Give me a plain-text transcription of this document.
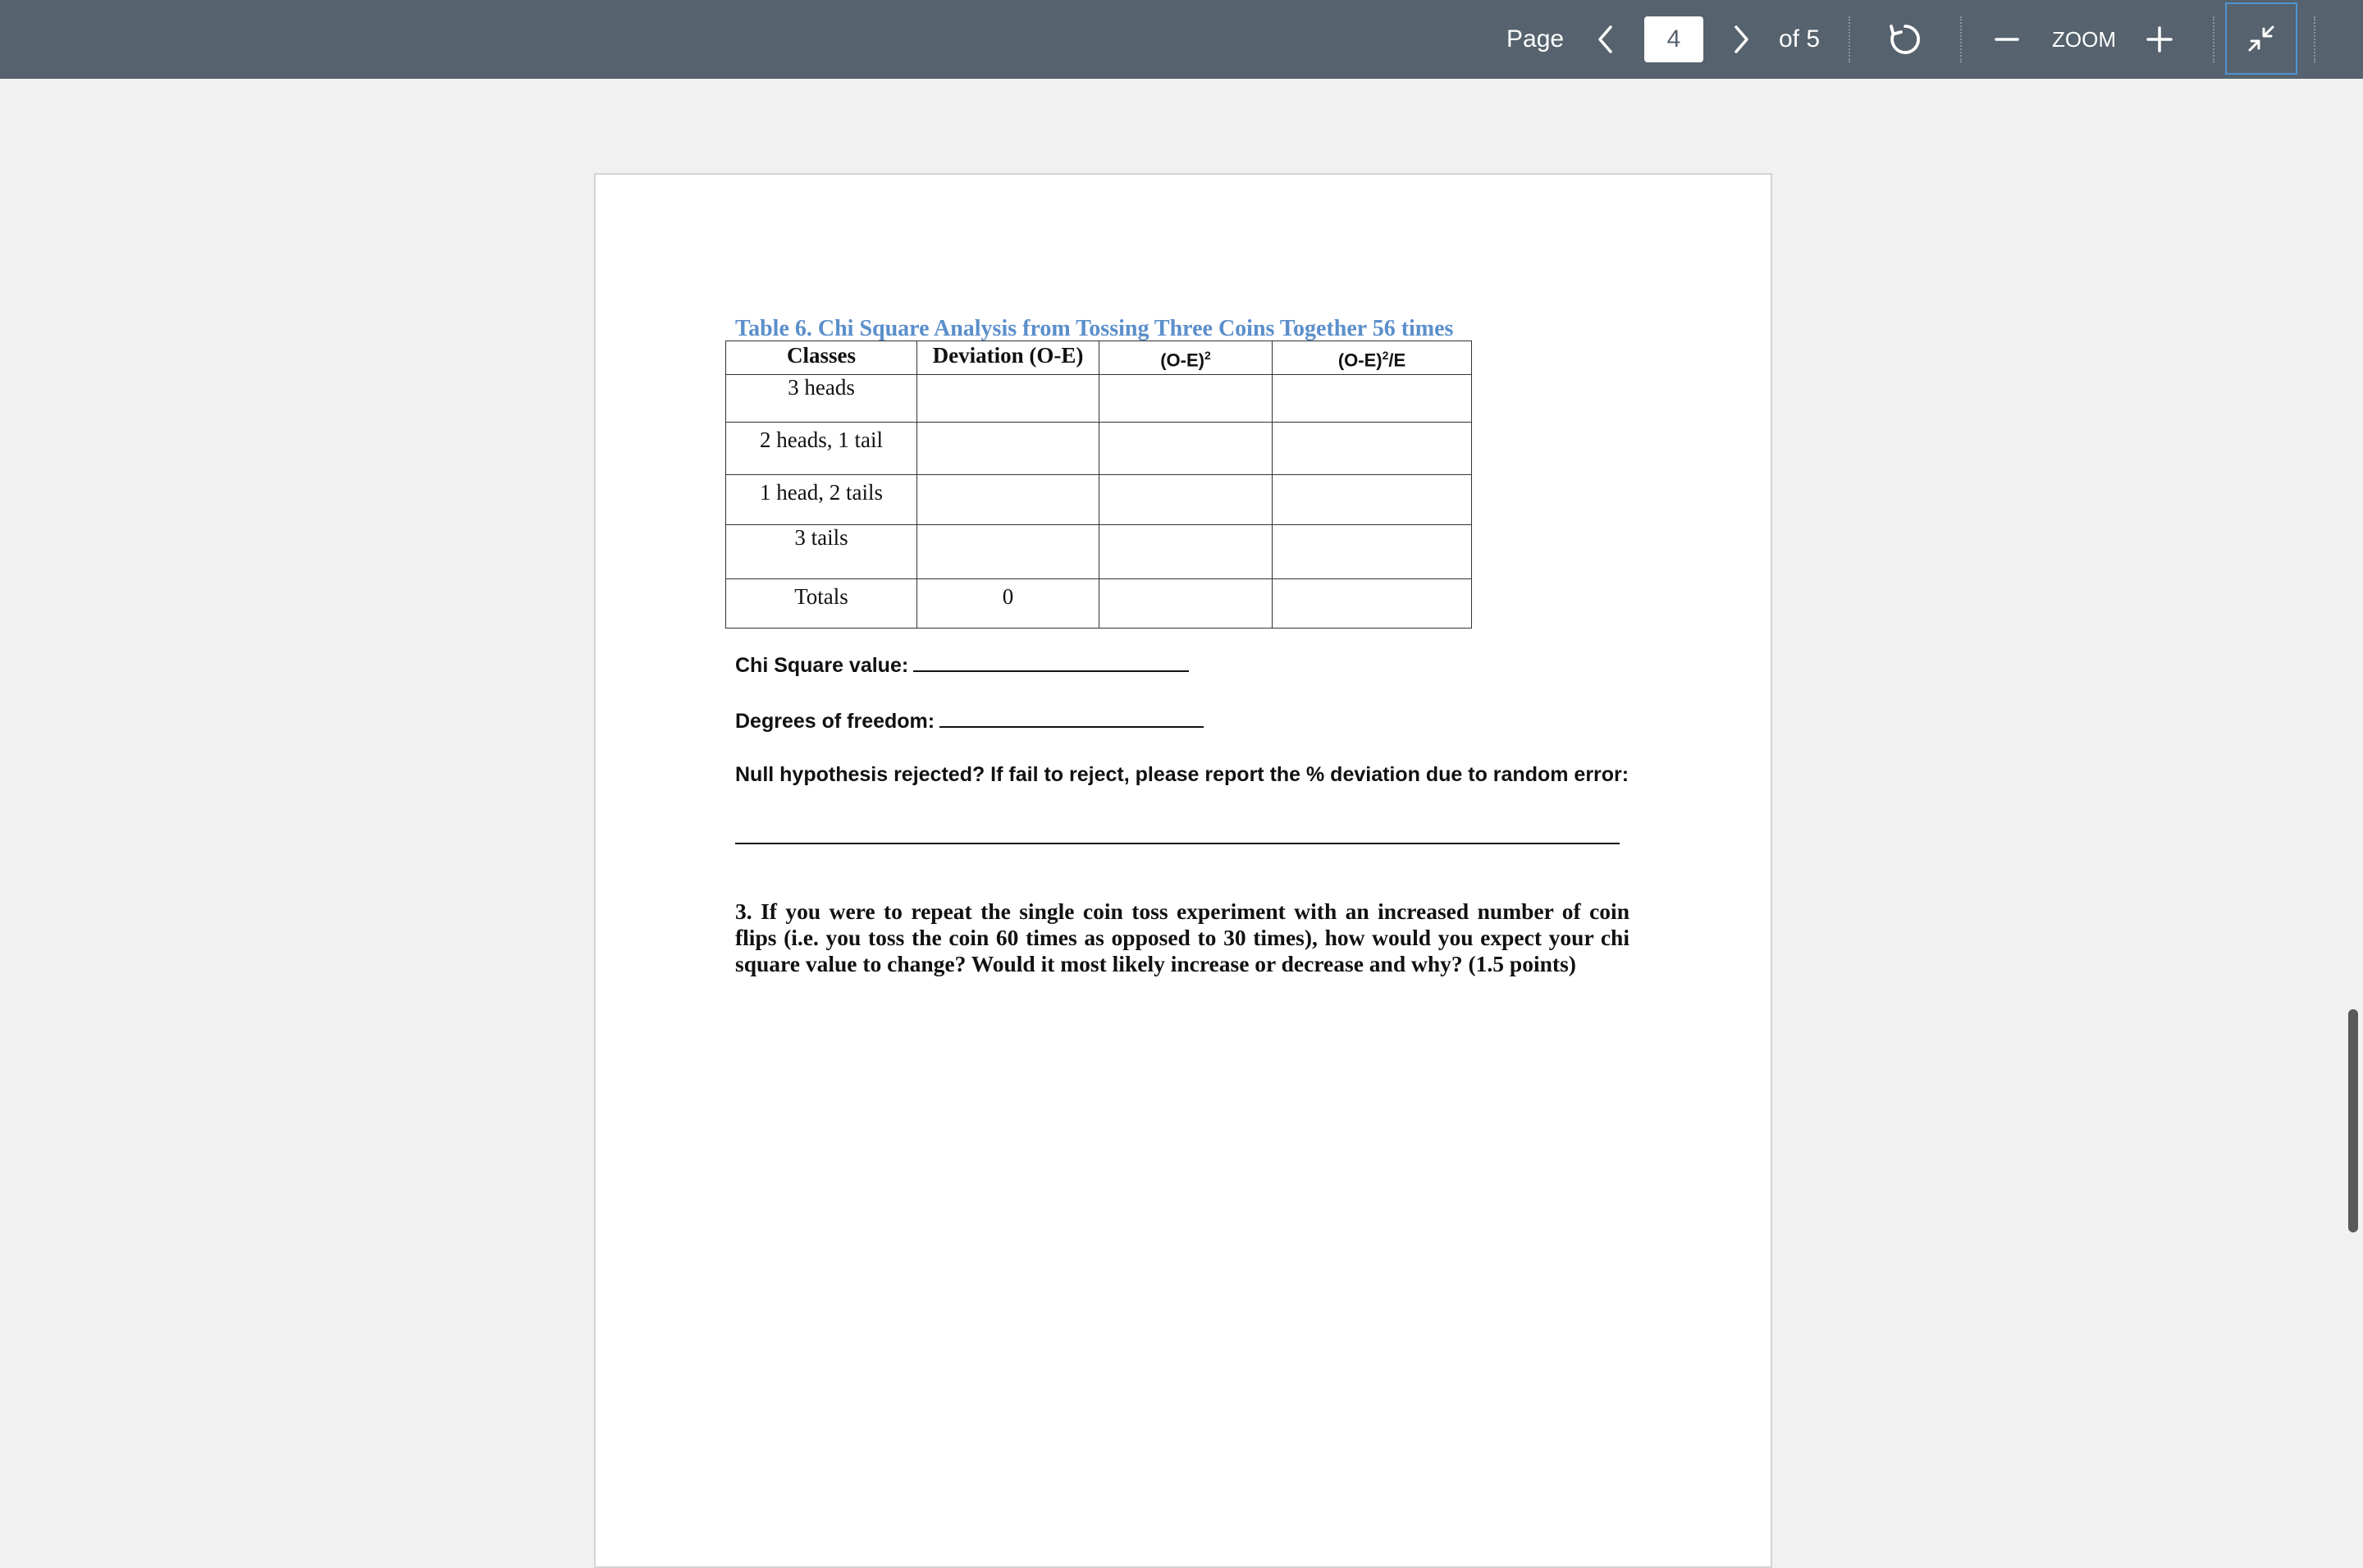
Page
4	of 5	ZOOM
Table 6. Chi Square Analysis from Tossing Three Coins Together 56 times
Classes	Deviation (O-E)	$(O-E)^2$	$(O-E)^2/E$
3 heads			
2 heads, 1 tail			
1 head, 2 tails			
3 tails			
Totals	0		
Chi Square value:
Degrees of freedom:
Null hypothesis rejected? If fail to reject, please report the % deviation due to random error:
3. If you were to repeat the single coin toss experiment with an increased number of coin flips (i.e. you toss the coin 60 times as opposed to 30 times), how would you expect your chi square value to change? Would it most likely increase or decrease and why? (1.5 points)
